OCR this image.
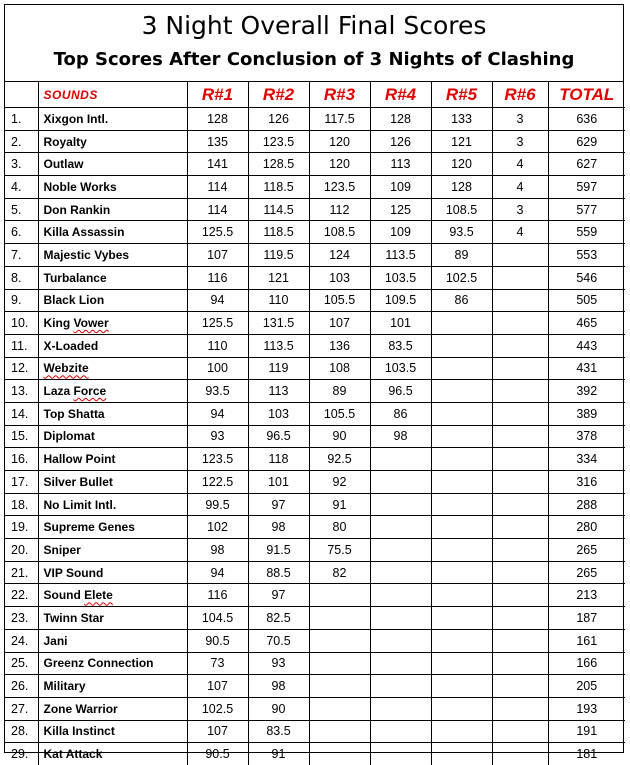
3 Night Overall Final Scores
Top Scores After Conclusion of 3 Nights of Clashing
	SOUNDS	R#1	R#2	R#3	R#4	R#5	R#6	TOTAL
1.	Xixgon Intl.	128	126	117.5	128	133	3	636
2.	Royalty	135	123.5	120	126	121	3	629
3.	Outlaw	141	128.5	120	113	120	4	627
4.	Noble Works	114	118.5	123.5	109	128	4	597
5.	Don Rankin	114	114.5	112	125	108.5	3	577
6.	Killa Assassin	125.5	118.5	108.5	109	93.5	4	559
7.	Majestic Vybes	107	119.5	124	113.5	89		553
8.	Turbalance	116	121	103	103.5	102.5		546
9.	Black Lion	94	110	105.5	109.5	86		505
10.	King Vower	125.5	131.5	107	101			465
11.	X-Loaded	110	113.5	136	83.5			443
12.	Webzite	100	119	108	103.5			431
13.	Laza Force	93.5	113	89	96.5			392
14.	Top Shatta	94	103	105.5	86			389
15.	Diplomat	93	96.5	90	98			378
16.	Hallow Point	123.5	118	92.5				334
17.	Silver Bullet	122.5	101	92				316
18.	No Limit Intl.	99.5	97	91				288
19.	Supreme Genes	102	98	80				280
20.	Sniper	98	91.5	75.5				265
21.	VIP Sound	94	88.5	82				265
22.	Sound Elete	116	97					213
23.	Twinn Star	104.5	82.5					187
24.	Jani	90.5	70.5					161
25.	Greenz Connection	73	93					166
26.	Military	107	98					205
27.	Zone Warrior	102.5	90					193
28.	Killa Instinct	107	83.5					191
29.	Kat Attack	90.5	91					181
